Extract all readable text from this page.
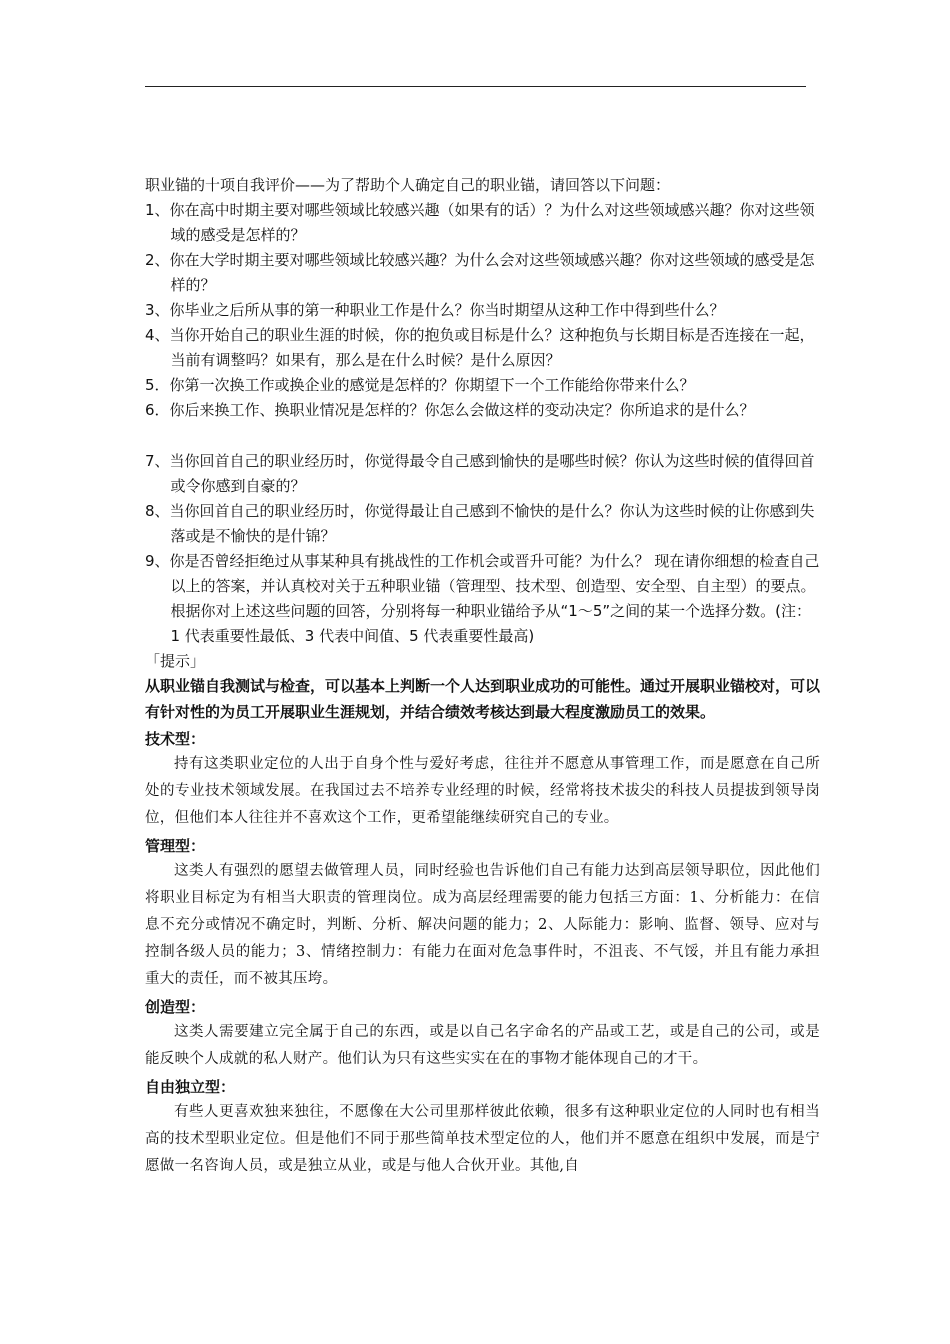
职业锚的十项自我评价——为了帮助个人确定自己的职业锚，请回答以下问题：
1、你在高中时期主要对哪些领域比较感兴趣（如果有的话）？为什么对这些领域感兴趣？你对这些领域的感受是怎样的？
2、你在大学时期主要对哪些领域比较感兴趣？为什么会对这些领域感兴趣？你对这些领域的感受是怎样的？
3、你毕业之后所从事的第一种职业工作是什么？你当时期望从这种工作中得到些什么？
4、当你开始自己的职业生涯的时候，你的抱负或目标是什么？这种抱负与长期目标是否连接在一起，当前有调整吗？如果有，那么是在什么时候？是什么原因？
5．你第一次换工作或换企业的感觉是怎样的？你期望下一个工作能给你带来什么？
6．你后来换工作、换职业情况是怎样的？你怎么会做这样的变动决定？你所追求的是什么？
7、当你回首自己的职业经历时，你觉得最令自己感到愉快的是哪些时候？你认为这些时候的值得回首或令你感到自豪的？
8、当你回首自己的职业经历时，你觉得最让自己感到不愉快的是什么？你认为这些时候的让你感到失落或是不愉快的是什锦？
9、你是否曾经拒绝过从事某种具有挑战性的工作机会或晋升可能？为什么？ 现在请你细想的检查自己以上的答案，并认真校对关于五种职业锚（管理型、技术型、创造型、安全型、自主型）的要点。根据你对上述这些问题的回答，分别将每一种职业锚给予从“1～5”之间的某一个选择分数。(注：1 代表重要性最低、3 代表中间值、5 代表重要性最高)
「提示」
从职业锚自我测试与检查，可以基本上判断一个人达到职业成功的可能性。通过开展职业锚校对，可以有针对性的为员工开展职业生涯规划，并结合绩效考核达到最大程度激励员工的效果。
技术型：
持有这类职业定位的人出于自身个性与爱好考虑，往往并不愿意从事管理工作，而是愿意在自己所处的专业技术领域发展。在我国过去不培养专业经理的时候，经常将技术拔尖的科技人员提拔到领导岗位，但他们本人往往并不喜欢这个工作，更希望能继续研究自己的专业。
管理型：
这类人有强烈的愿望去做管理人员，同时经验也告诉他们自己有能力达到高层领导职位，因此他们将职业目标定为有相当大职责的管理岗位。成为高层经理需要的能力包括三方面：1、分析能力：在信息不充分或情况不确定时，判断、分析、解决问题的能力；2、人际能力：影响、监督、领导、应对与控制各级人员的能力；3、情绪控制力：有能力在面对危急事件时，不沮丧、不气馁，并且有能力承担重大的责任，而不被其压垮。
创造型：
这类人需要建立完全属于自己的东西，或是以自己名字命名的产品或工艺，或是自己的公司，或是能反映个人成就的私人财产。他们认为只有这些实实在在的事物才能体现自己的才干。
自由独立型：
有些人更喜欢独来独往，不愿像在大公司里那样彼此依赖，很多有这种职业定位的人同时也有相当高的技术型职业定位。但是他们不同于那些简单技术型定位的人，他们并不愿意在组织中发展，而是宁愿做一名咨询人员，或是独立从业，或是与他人合伙开业。其他,自
